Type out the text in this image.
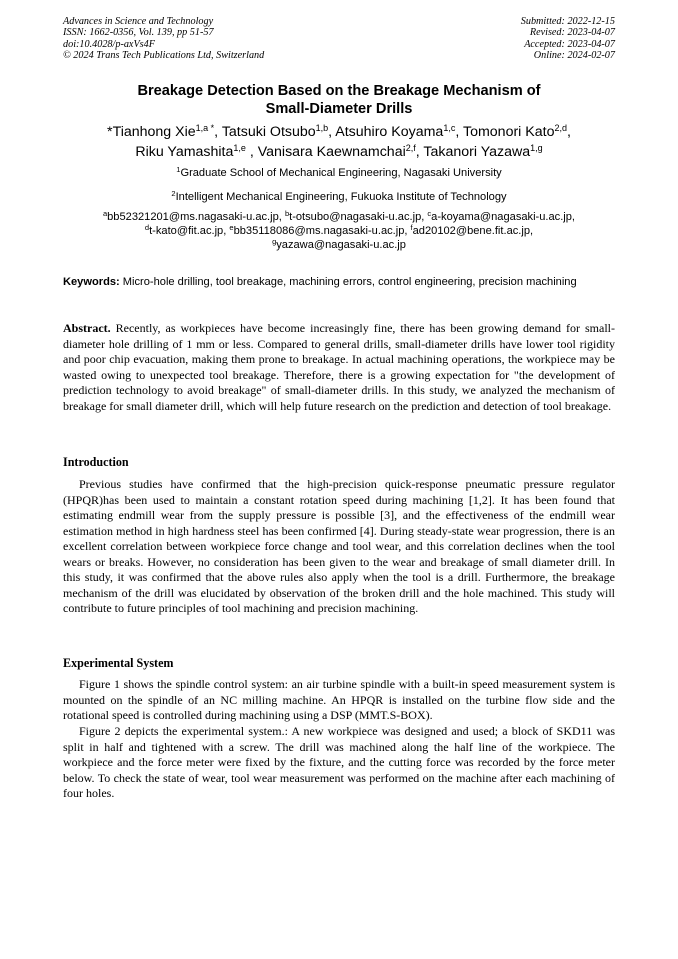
Advances in Science and Technology
ISSN: 1662-0356, Vol. 139, pp 51-57
doi:10.4028/p-axVs4F
© 2024 Trans Tech Publications Ltd, Switzerland
Submitted: 2022-12-15
Revised: 2023-04-07
Accepted: 2023-04-07
Online: 2024-02-07
Breakage Detection Based on the Breakage Mechanism of
Small-Diameter Drills
*Tianhong Xie$^{1,a *}$, Tatsuki Otsubo$^{1,b}$, Atsuhiro Koyama$^{1,c}$, Tomonori Kato$^{2,d}$,
Riku Yamashita$^{1,e}$ , Vanisara Kaewnamchai$^{2,f}$, Takanori Yazawa$^{1,g}$
$^1$Graduate School of Mechanical Engineering, Nagasaki University
$^2$Intelligent Mechanical Engineering, Fukuoka Institute of Technology
$^a$bb52321201@ms.nagasaki-u.ac.jp, $^b$t-otsubo@nagasaki-u.ac.jp, $^c$a-koyama@nagasaki-u.ac.jp,
$^d$t-kato@fit.ac.jp, $^e$bb35118086@ms.nagasaki-u.ac.jp, $^f$ad20102@bene.fit.ac.jp,
$^g$yazawa@nagasaki-u.ac.jp
Keywords: Micro-hole drilling, tool breakage, machining errors, control engineering, precision machining
Abstract. Recently, as workpieces have become increasingly fine, there has been growing demand for small-diameter hole drilling of 1 mm or less. Compared to general drills, small-diameter drills have lower tool rigidity and poor chip evacuation, making them prone to breakage. In actual machining operations, the workpiece may be wasted owing to unexpected tool breakage. Therefore, there is a growing expectation for "the development of prediction technology to avoid breakage" of small-diameter drills. In this study, we analyzed the mechanism of breakage for small diameter drill, which will help future research on the prediction and detection of tool breakage.
Introduction
Previous studies have confirmed that the high-precision quick-response pneumatic pressure regulator (HPQR)has been used to maintain a constant rotation speed during machining [1,2]. It has been found that estimating endmill wear from the supply pressure is possible [3], and the effectiveness of the endmill wear estimation method in high hardness steel has been confirmed [4]. During steady-state wear progression, there is an excellent correlation between workpiece force change and tool wear, and this correlation declines when the tool wears or breaks. However, no consideration has been given to the wear and breakage of small diameter drill. In this study, it was confirmed that the above rules also apply when the tool is a drill. Furthermore, the breakage mechanism of the drill was elucidated by observation of the broken drill and the hole machined. This study will contribute to future principles of tool machining and precision machining.
Experimental System
Figure 1 shows the spindle control system: an air turbine spindle with a built-in speed measurement system is mounted on the spindle of an NC milling machine. An HPQR is installed on the turbine flow side and the rotational speed is controlled during machining using a DSP (MMT.S-BOX).
Figure 2 depicts the experimental system.: A new workpiece was designed and used; a block of SKD11 was split in half and tightened with a screw. The drill was machined along the half line of the workpiece. The workpiece and the force meter were fixed by the fixture, and the cutting force was recorded by the force meter below. To check the state of wear, tool wear measurement was performed on the machine after each machining of four holes.
